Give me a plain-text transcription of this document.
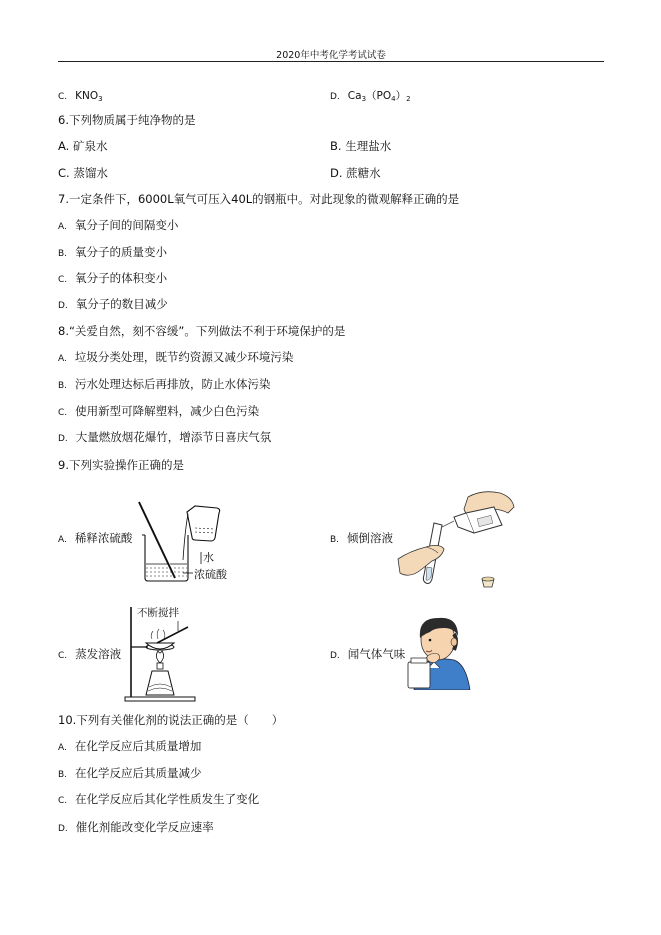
2020年中考化学考试试卷
C. $KNO_3$	D. $Ca_3(PO_4)_2$
6.下列物质属于纯净物的是
A. 矿泉水	B. 生理盐水
C. 蒸馏水	D. 蔗糖水
7.一定条件下，6000L氧气可压入40L的钢瓶中。对此现象的微观解释正确的是
A. 氧分子间的间隔变小
B. 氧分子的质量变小
C. 氧分子的体积变小
D. 氧分子的数目减少
8.“关爱自然，刻不容缓”。下列做法不利于环境保护的是
A. 垃圾分类处理，既节约资源又减少环境污染
B. 污水处理达标后再排放，防止水体污染
C. 使用新型可降解塑料，减少白色污染
D. 大量燃放烟花爆竹，增添节日喜庆气氛
9.下列实验操作正确的是
A. 稀释浓硫酸
水
浓硫酸
B. 倾倒溶液
C. 蒸发溶液
不断搅拌
D. 闻气体气味
10.下列有关催化剂的说法正确的是（　　）
A. 在化学反应后其质量增加
B. 在化学反应后其质量减少
C. 在化学反应后其化学性质发生了变化
D. 催化剂能改变化学反应速率
